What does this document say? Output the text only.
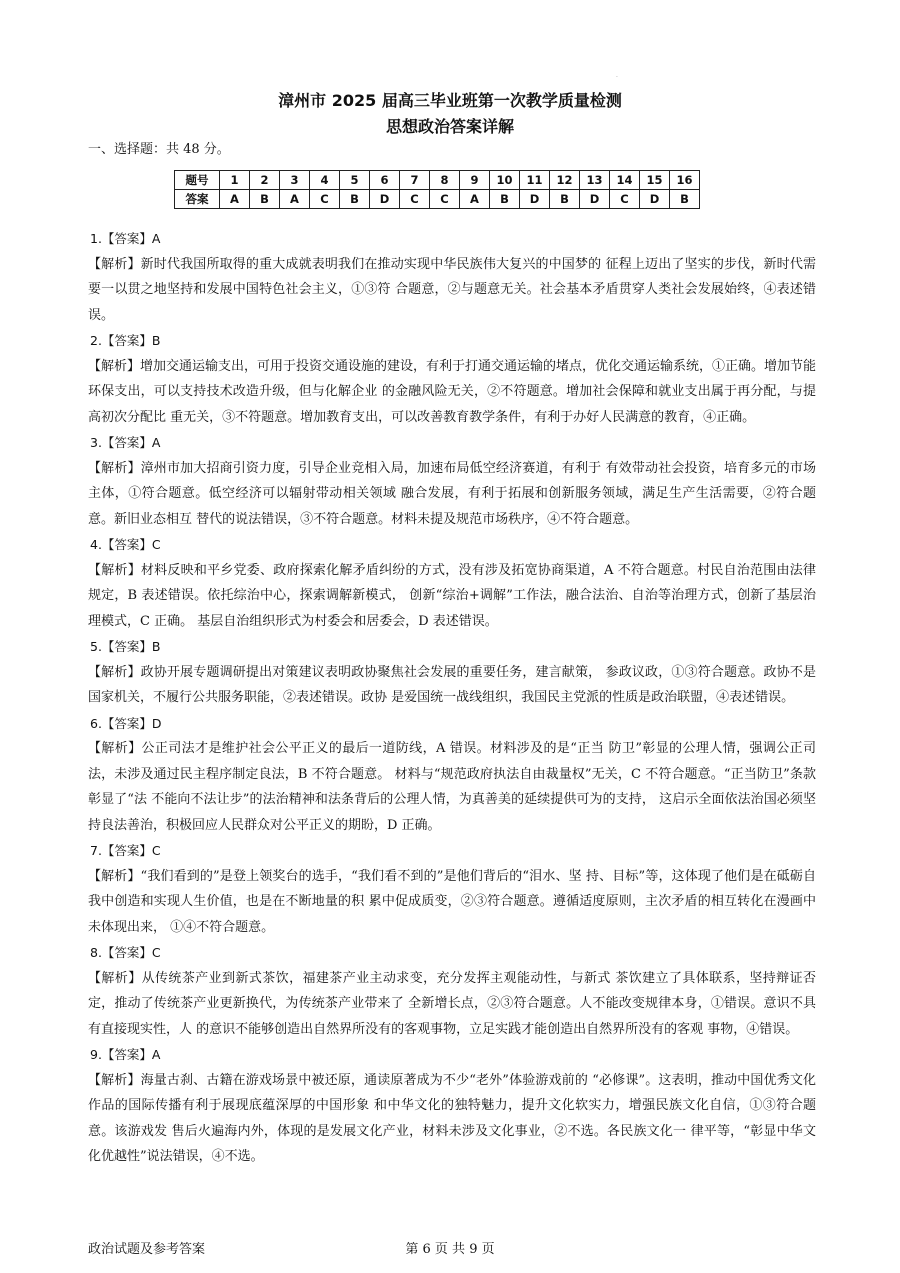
·
漳州市 2025 届高三毕业班第一次教学质量检测
思想政治答案详解
一、选择题：共 48 分。
题号	1	2	3	4	5	6	7	8	9	10	11	12	13	14	15	16
答案	A	B	A	C	B	D	C	C	A	B	D	B	D	C	D	B
1.【答案】A
【解析】新时代我国所取得的重大成就表明我们在推动实现中华民族伟大复兴的中国梦的 征程上迈出了坚实的步伐，新时代需要一以贯之地坚持和发展中国特色社会主义，①③符 合题意，②与题意无关。社会基本矛盾贯穿人类社会发展始终，④表述错误。
2.【答案】B
【解析】增加交通运输支出，可用于投资交通设施的建设，有利于打通交通运输的堵点，优化交通运输系统，①正确。增加节能环保支出，可以支持技术改造升级，但与化解企业 的金融风险无关，②不符题意。增加社会保障和就业支出属于再分配，与提高初次分配比 重无关，③不符题意。增加教育支出，可以改善教育教学条件，有利于办好人民满意的教育，④正确。
3.【答案】A
【解析】漳州市加大招商引资力度，引导企业竞相入局，加速布局低空经济赛道，有利于 有效带动社会投资，培育多元的市场主体，①符合题意。低空经济可以辐射带动相关领域 融合发展，有利于拓展和创新服务领域，满足生产生活需要，②符合题意。新旧业态相互 替代的说法错误，③不符合题意。材料未提及规范市场秩序，④不符合题意。
4.【答案】C
【解析】材料反映和平乡党委、政府探索化解矛盾纠纷的方式，没有涉及拓宽协商渠道，A 不符合题意。村民自治范围由法律规定，B 表述错误。依托综治中心，探索调解新模式， 创新“综治+调解”工作法，融合法治、自治等治理方式，创新了基层治理模式，C 正确。 基层自治组织形式为村委会和居委会，D 表述错误。
5.【答案】B
【解析】政协开展专题调研提出对策建议表明政协聚焦社会发展的重要任务，建言献策， 参政议政，①③符合题意。政协不是国家机关，不履行公共服务职能，②表述错误。政协 是爱国统一战线组织，我国民主党派的性质是政治联盟，④表述错误。
6.【答案】D
【解析】公正司法才是维护社会公平正义的最后一道防线，A 错误。材料涉及的是“正当 防卫”彰显的公理人情，强调公正司法，未涉及通过民主程序制定良法，B 不符合题意。 材料与“规范政府执法自由裁量权”无关，C 不符合题意。“正当防卫”条款彰显了“法 不能向不法让步”的法治精神和法条背后的公理人情，为真善美的延续提供可为的支持， 这启示全面依法治国必须坚持良法善治，积极回应人民群众对公平正义的期盼，D 正确。
7.【答案】C
【解析】“我们看到的”是登上领奖台的选手，“我们看不到的”是他们背后的“泪水、坚 持、目标”等，这体现了他们是在砥砺自我中创造和实现人生价值，也是在不断地量的积 累中促成质变，②③符合题意。遵循适度原则，主次矛盾的相互转化在漫画中未体现出来， ①④不符合题意。
8.【答案】C
【解析】从传统茶产业到新式茶饮，福建茶产业主动求变，充分发挥主观能动性，与新式 茶饮建立了具体联系，坚持辩证否定，推动了传统茶产业更新换代，为传统茶产业带来了 全新增长点，②③符合题意。人不能改变规律本身，①错误。意识不具有直接现实性，人 的意识不能够创造出自然界所没有的客观事物，立足实践才能创造出自然界所没有的客观 事物，④错误。
9.【答案】A
【解析】海量古刹、古籍在游戏场景中被还原，通读原著成为不少“老外”体验游戏前的 “必修课”。这表明，推动中国优秀文化作品的国际传播有利于展现底蕴深厚的中国形象 和中华文化的独特魅力，提升文化软实力，增强民族文化自信，①③符合题意。该游戏发 售后火遍海内外，体现的是发展文化产业，材料未涉及文化事业，②不选。各民族文化一 律平等，“彰显中华文化优越性”说法错误，④不选。
政治试题及参考答案	第 6 页 共 9 页
